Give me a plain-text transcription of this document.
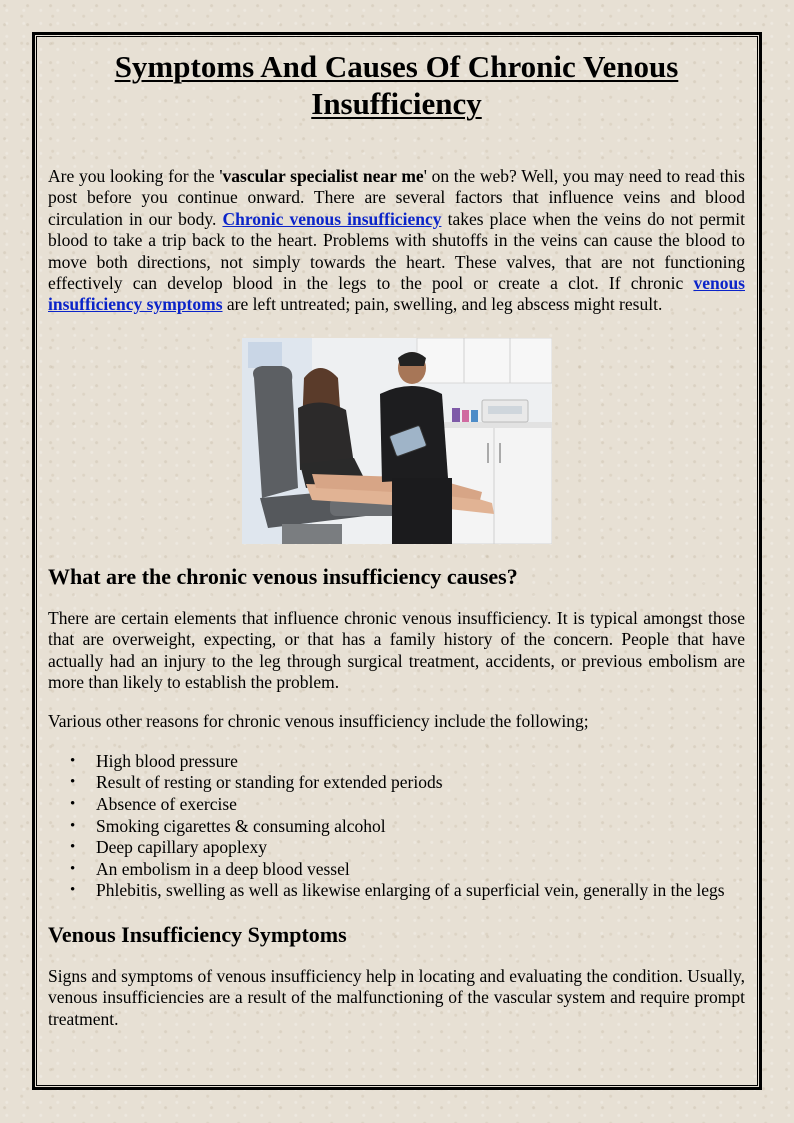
Symptoms And Causes Of Chronic Venous Insufficiency

Are you looking for the 'vascular specialist near me' on the web? Well, you may need to read this post before you continue onward. There are several factors that influence veins and blood circulation in our body. Chronic venous insufficiency takes place when the veins do not permit blood to take a trip back to the heart. Problems with shutoffs in the veins can cause the blood to move both directions, not simply towards the heart. These valves, that are not functioning effectively can develop blood in the legs to the pool or create a clot. If chronic venous insufficiency symptoms are left untreated; pain, swelling, and leg abscess might result.

What are the chronic venous insufficiency causes?

There are certain elements that influence chronic venous insufficiency. It is typical amongst those that are overweight, expecting, or that has a family history of the concern. People that have actually had an injury to the leg through surgical treatment, accidents, or previous embolism are more than likely to establish the problem.

Various other reasons for chronic venous insufficiency include the following;

• High blood pressure
• Result of resting or standing for extended periods
• Absence of exercise
• Smoking cigarettes & consuming alcohol
• Deep capillary apoplexy
• An embolism in a deep blood vessel
• Phlebitis, swelling as well as likewise enlarging of a superficial vein, generally in the legs
Venous Insufficiency Symptoms

Signs and symptoms of venous insufficiency help in locating and evaluating the condition. Usually, venous insufficiencies are a result of the malfunctioning of the vascular system and require prompt treatment.
